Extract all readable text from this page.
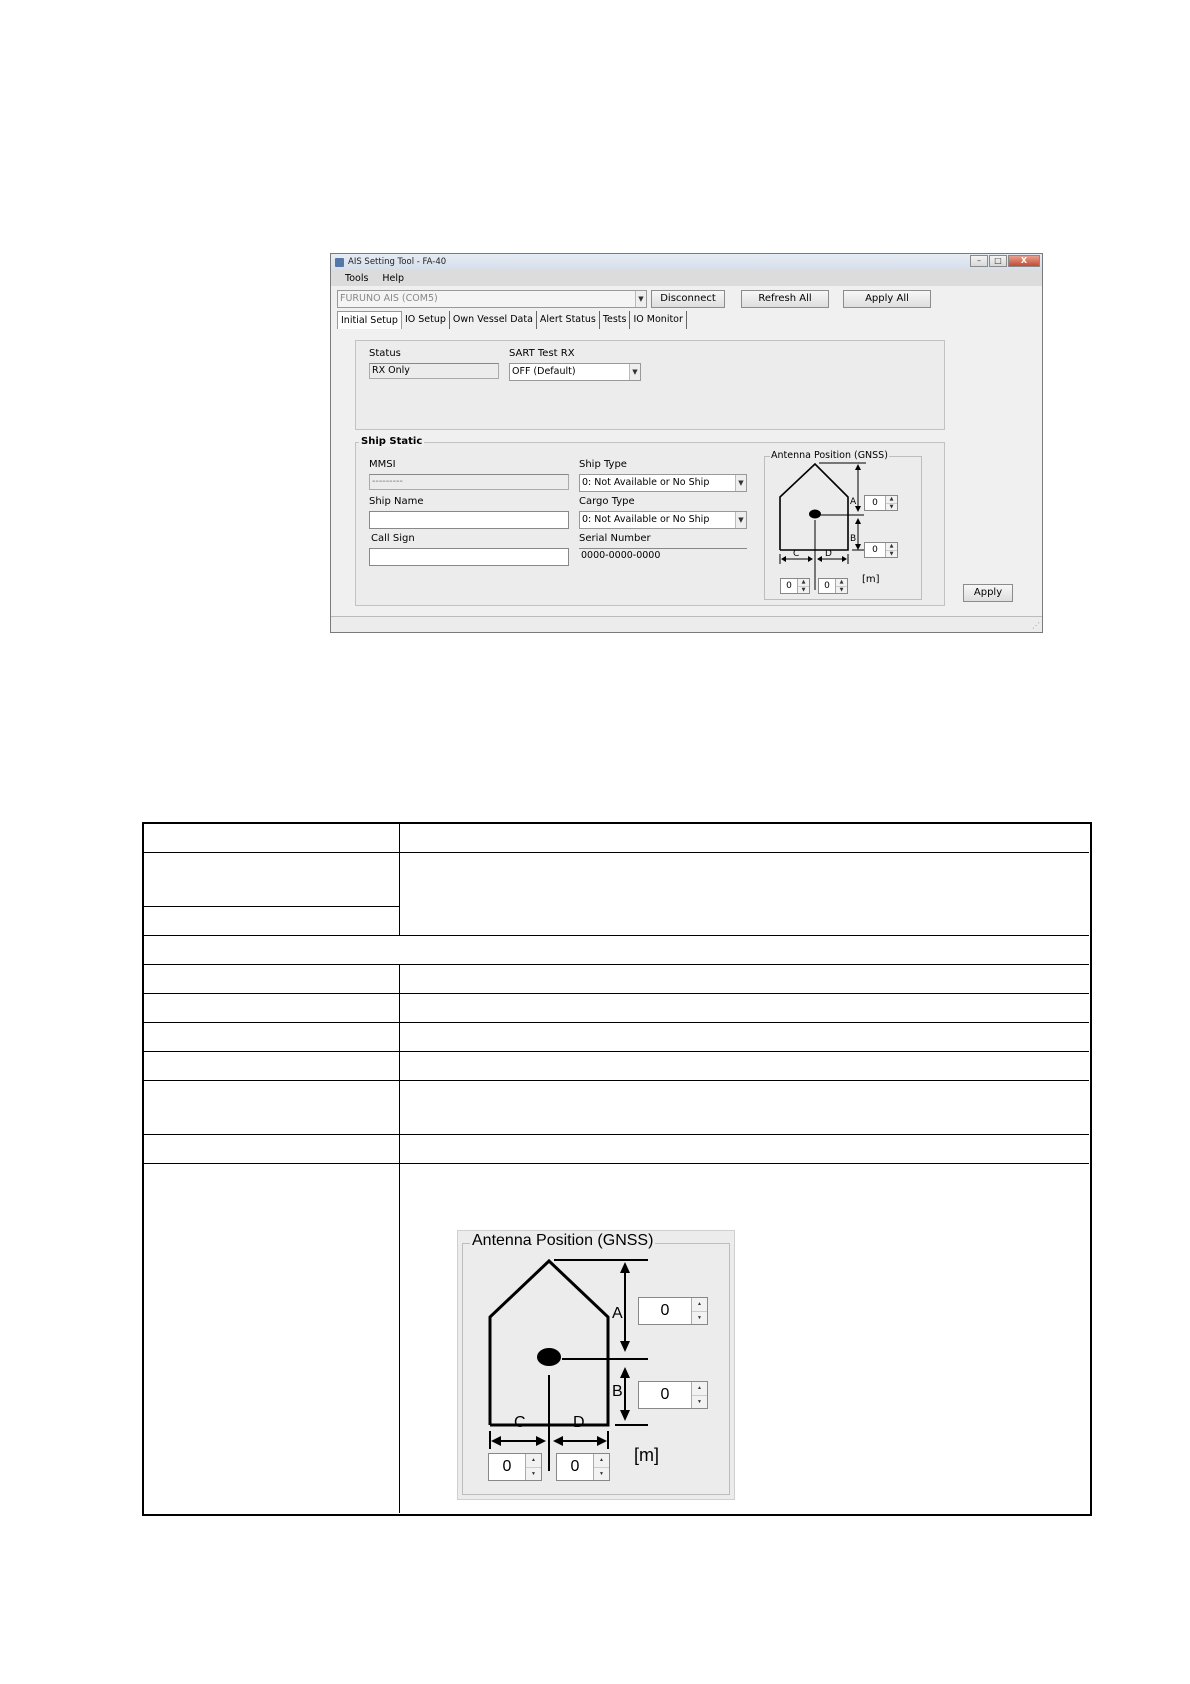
AIS Setting Tool - FA-40	–	□	X
Tools Help
FURUNO AIS (COM5)	▼	Disconnect	Refresh All	Apply All
Initial Setup IO Setup Own Vessel Data Alert Status Tests IO Monitor
Status
RX Only
SART Test RX
OFF (Default)	▼
Ship Static
MMSI
---------
Ship Name
Call Sign
Ship Type
0: Not Available or No Ship	▼
Cargo Type
0: Not Available or No Ship	▼
Serial Number
0000-0000-0000
Antenna Position (GNSS)
A
B
C	D
[m]
0	▲
▼
0	▲
▼
0	▲
▼	0	▲
▼	Apply
⋰
Antenna Position (GNSS)
A
B
C	D
[m]
0	▲
▼
0	▲
▼
0	▲
▼	0	▲
▼
